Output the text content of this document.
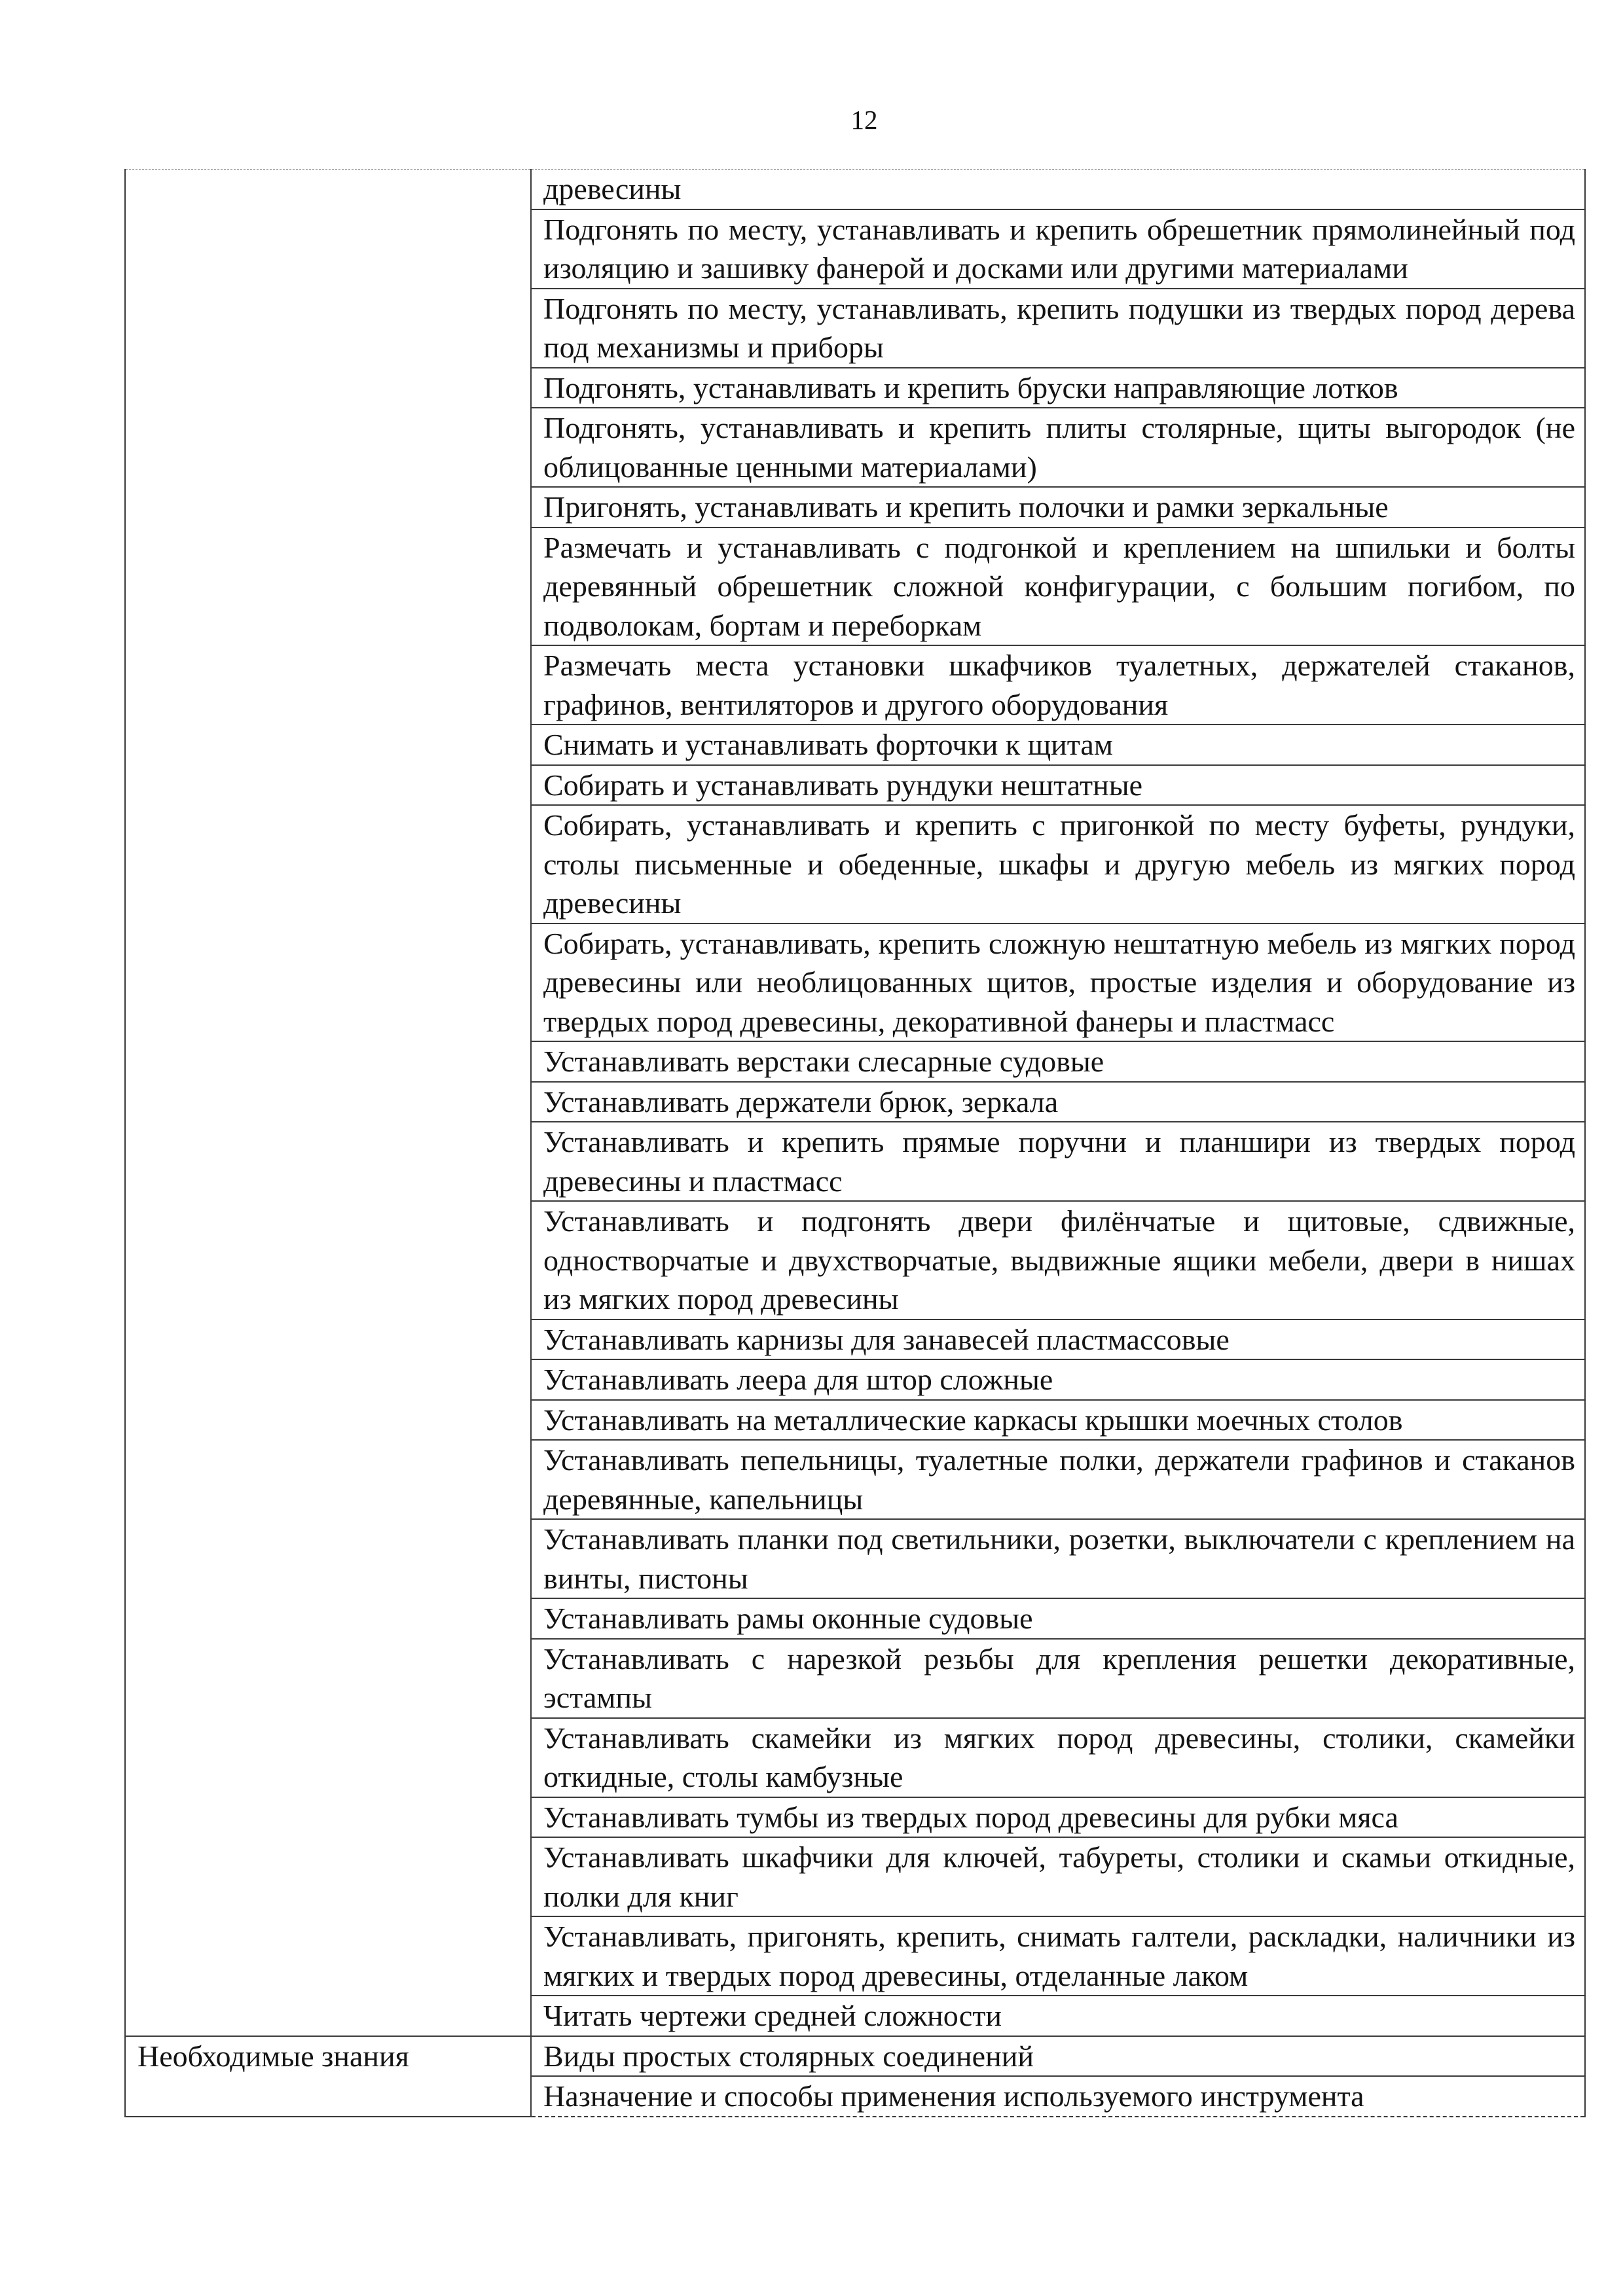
12
	древесины
	Подгонять по месту, устанавливать и крепить обрешетник прямолинейный под изоляцию и зашивку фанерой и досками или другими материалами
	Подгонять по месту, устанавливать, крепить подушки из твердых пород дерева под механизмы и приборы
	Подгонять, устанавливать и крепить бруски направляющие лотков
	Подгонять, устанавливать и крепить плиты столярные, щиты выгородок (не облицованные ценными материалами)
	Пригонять, устанавливать и крепить полочки и рамки зеркальные
	Размечать и устанавливать с подгонкой и креплением на шпильки и болты деревянный обрешетник сложной конфигурации, с большим погибом, по подволокам, бортам и переборкам
	Размечать места установки шкафчиков туалетных, держателей стаканов, графинов, вентиляторов и другого оборудования
	Снимать и устанавливать форточки к щитам
	Собирать и устанавливать рундуки нештатные
	Собирать, устанавливать и крепить с пригонкой по месту буфеты, рундуки, столы письменные и обеденные, шкафы и другую мебель из мягких пород древесины
	Собирать, устанавливать, крепить сложную нештатную мебель из мягких пород древесины или необлицованных щитов, простые изделия и оборудование из твердых пород древесины, декоративной фанеры и пластмасс
	Устанавливать верстаки слесарные судовые
	Устанавливать держатели брюк, зеркала
	Устанавливать и крепить прямые поручни и планшири из твердых пород древесины и пластмасс
	Устанавливать и подгонять двери филёнчатые и щитовые, сдвижные, одностворчатые и двухстворчатые, выдвижные ящики мебели, двери в нишах из мягких пород древесины
	Устанавливать карнизы для занавесей пластмассовые
	Устанавливать леера для штор сложные
	Устанавливать на металлические каркасы крышки моечных столов
	Устанавливать пепельницы, туалетные полки, держатели графинов и стаканов деревянные, капельницы
	Устанавливать планки под светильники, розетки, выключатели с креплением на винты, пистоны
	Устанавливать рамы оконные судовые
	Устанавливать с нарезкой резьбы для крепления решетки декоративные, эстампы
	Устанавливать скамейки из мягких пород древесины, столики, скамейки откидные, столы камбузные
	Устанавливать тумбы из твердых пород древесины для рубки мяса
	Устанавливать шкафчики для ключей, табуреты, столики и скамьи откидные, полки для книг
	Устанавливать, пригонять, крепить, снимать галтели, раскладки, наличники из мягких и твердых пород древесины, отделанные лаком
	Читать чертежи средней сложности
Необходимые знания	Виды простых столярных соединений
	Назначение и способы применения используемого инструмента
